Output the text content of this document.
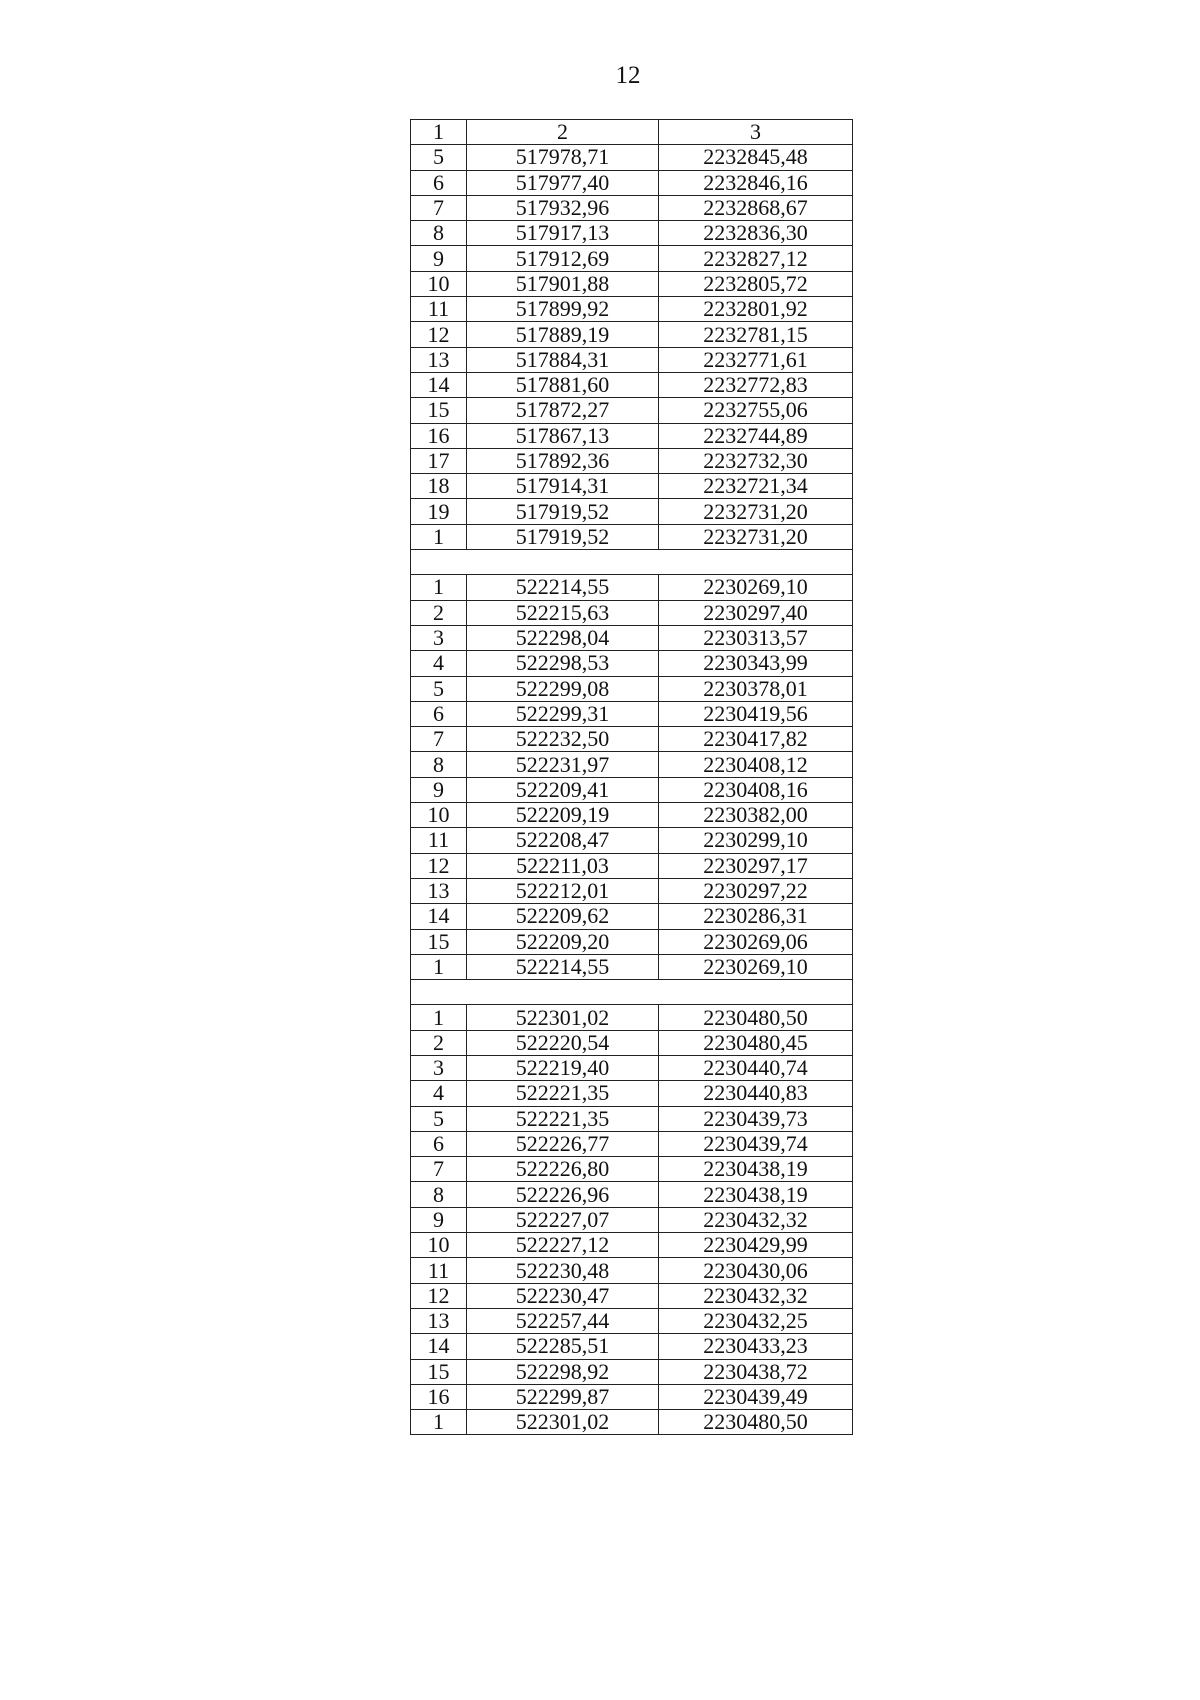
12
1	2	3
5	517978,71	2232845,48
6	517977,40	2232846,16
7	517932,96	2232868,67
8	517917,13	2232836,30
9	517912,69	2232827,12
10	517901,88	2232805,72
11	517899,92	2232801,92
12	517889,19	2232781,15
13	517884,31	2232771,61
14	517881,60	2232772,83
15	517872,27	2232755,06
16	517867,13	2232744,89
17	517892,36	2232732,30
18	517914,31	2232721,34
19	517919,52	2232731,20
1	517919,52	2232731,20

1	522214,55	2230269,10
2	522215,63	2230297,40
3	522298,04	2230313,57
4	522298,53	2230343,99
5	522299,08	2230378,01
6	522299,31	2230419,56
7	522232,50	2230417,82
8	522231,97	2230408,12
9	522209,41	2230408,16
10	522209,19	2230382,00
11	522208,47	2230299,10
12	522211,03	2230297,17
13	522212,01	2230297,22
14	522209,62	2230286,31
15	522209,20	2230269,06
1	522214,55	2230269,10

1	522301,02	2230480,50
2	522220,54	2230480,45
3	522219,40	2230440,74
4	522221,35	2230440,83
5	522221,35	2230439,73
6	522226,77	2230439,74
7	522226,80	2230438,19
8	522226,96	2230438,19
9	522227,07	2230432,32
10	522227,12	2230429,99
11	522230,48	2230430,06
12	522230,47	2230432,32
13	522257,44	2230432,25
14	522285,51	2230433,23
15	522298,92	2230438,72
16	522299,87	2230439,49
1	522301,02	2230480,50
